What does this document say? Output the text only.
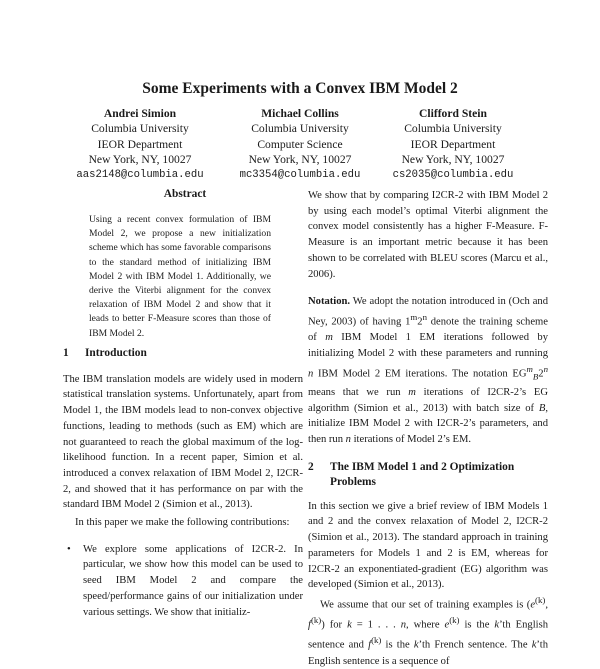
Some Experiments with a Convex IBM Model 2
Andrei Simion
Columbia University
IEOR Department
New York, NY, 10027
aas2148@columbia.edu
Michael Collins
Columbia University
Computer Science
New York, NY, 10027
mc3354@columbia.edu
Clifford Stein
Columbia University
IEOR Department
New York, NY, 10027
cs2035@columbia.edu
Abstract
Using a recent convex formulation of IBM Model 2, we propose a new initialization scheme which has some favorable comparisons to the standard method of initializing IBM Model 2 with IBM Model 1. Additionally, we derive the Viterbi alignment for the convex relaxation of IBM Model 2 and show that it leads to better F-Measure scores than those of IBM Model 2.
1 Introduction

The IBM translation models are widely used in modern statistical translation systems. Unfortunately, apart from Model 1, the IBM models lead to non-convex objective functions, leading to methods (such as EM) which are not guaranteed to reach the global maximum of the log-likelihood function. In a recent paper, Simion et al. introduced a convex relaxation of IBM Model 2, I2CR-2, and showed that it has performance on par with the standard IBM Model 2 (Simion et al., 2013).

In this paper we make the following contributions:

• We explore some applications of I2CR-2. In particular, we show how this model can be used to seed IBM Model 2 and compare the speed/performance gains of our initialization under various settings. We show that initializ-

We show that by comparing I2CR-2 with IBM Model 2 by using each model’s optimal Viterbi alignment the convex model consistently has a higher F-Measure. F-Measure is an important metric because it has been shown to be correlated with BLEU scores (Marcu et al., 2006).

Notation. We adopt the notation introduced in (Och and Ney, 2003) of having 1$^m$2$^n$ denote the training scheme of m IBM Model 1 EM iterations followed by initializing Model 2 with these parameters and running n IBM Model 2 EM iterations. The notation $EG^m_B2^n$ means that we run m iterations of I2CR-2’s EG algorithm (Simion et al., 2013) with batch size of B, initialize IBM Model 2 with I2CR-2’s parameters, and then run n iterations of Model 2’s EM.

2 The IBM Model 1 and 2 Optimization
Problems

In this section we give a brief review of IBM Models 1 and 2 and the convex relaxation of Model 2, I2CR-2 (Simion et al., 2013). The standard approach in training parameters for Models 1 and 2 is EM, whereas for I2CR-2 an exponentiated-gradient (EG) algorithm was developed (Simion et al., 2013).

We assume that our set of training examples is ($e^{(k)}$, $f^{(k)}$) for k = 1 . . . n, where $e^{(k)}$ is the k’th English sentence and $f^{(k)}$ is the k’th French sentence. The k’th English sentence is a sequence of
